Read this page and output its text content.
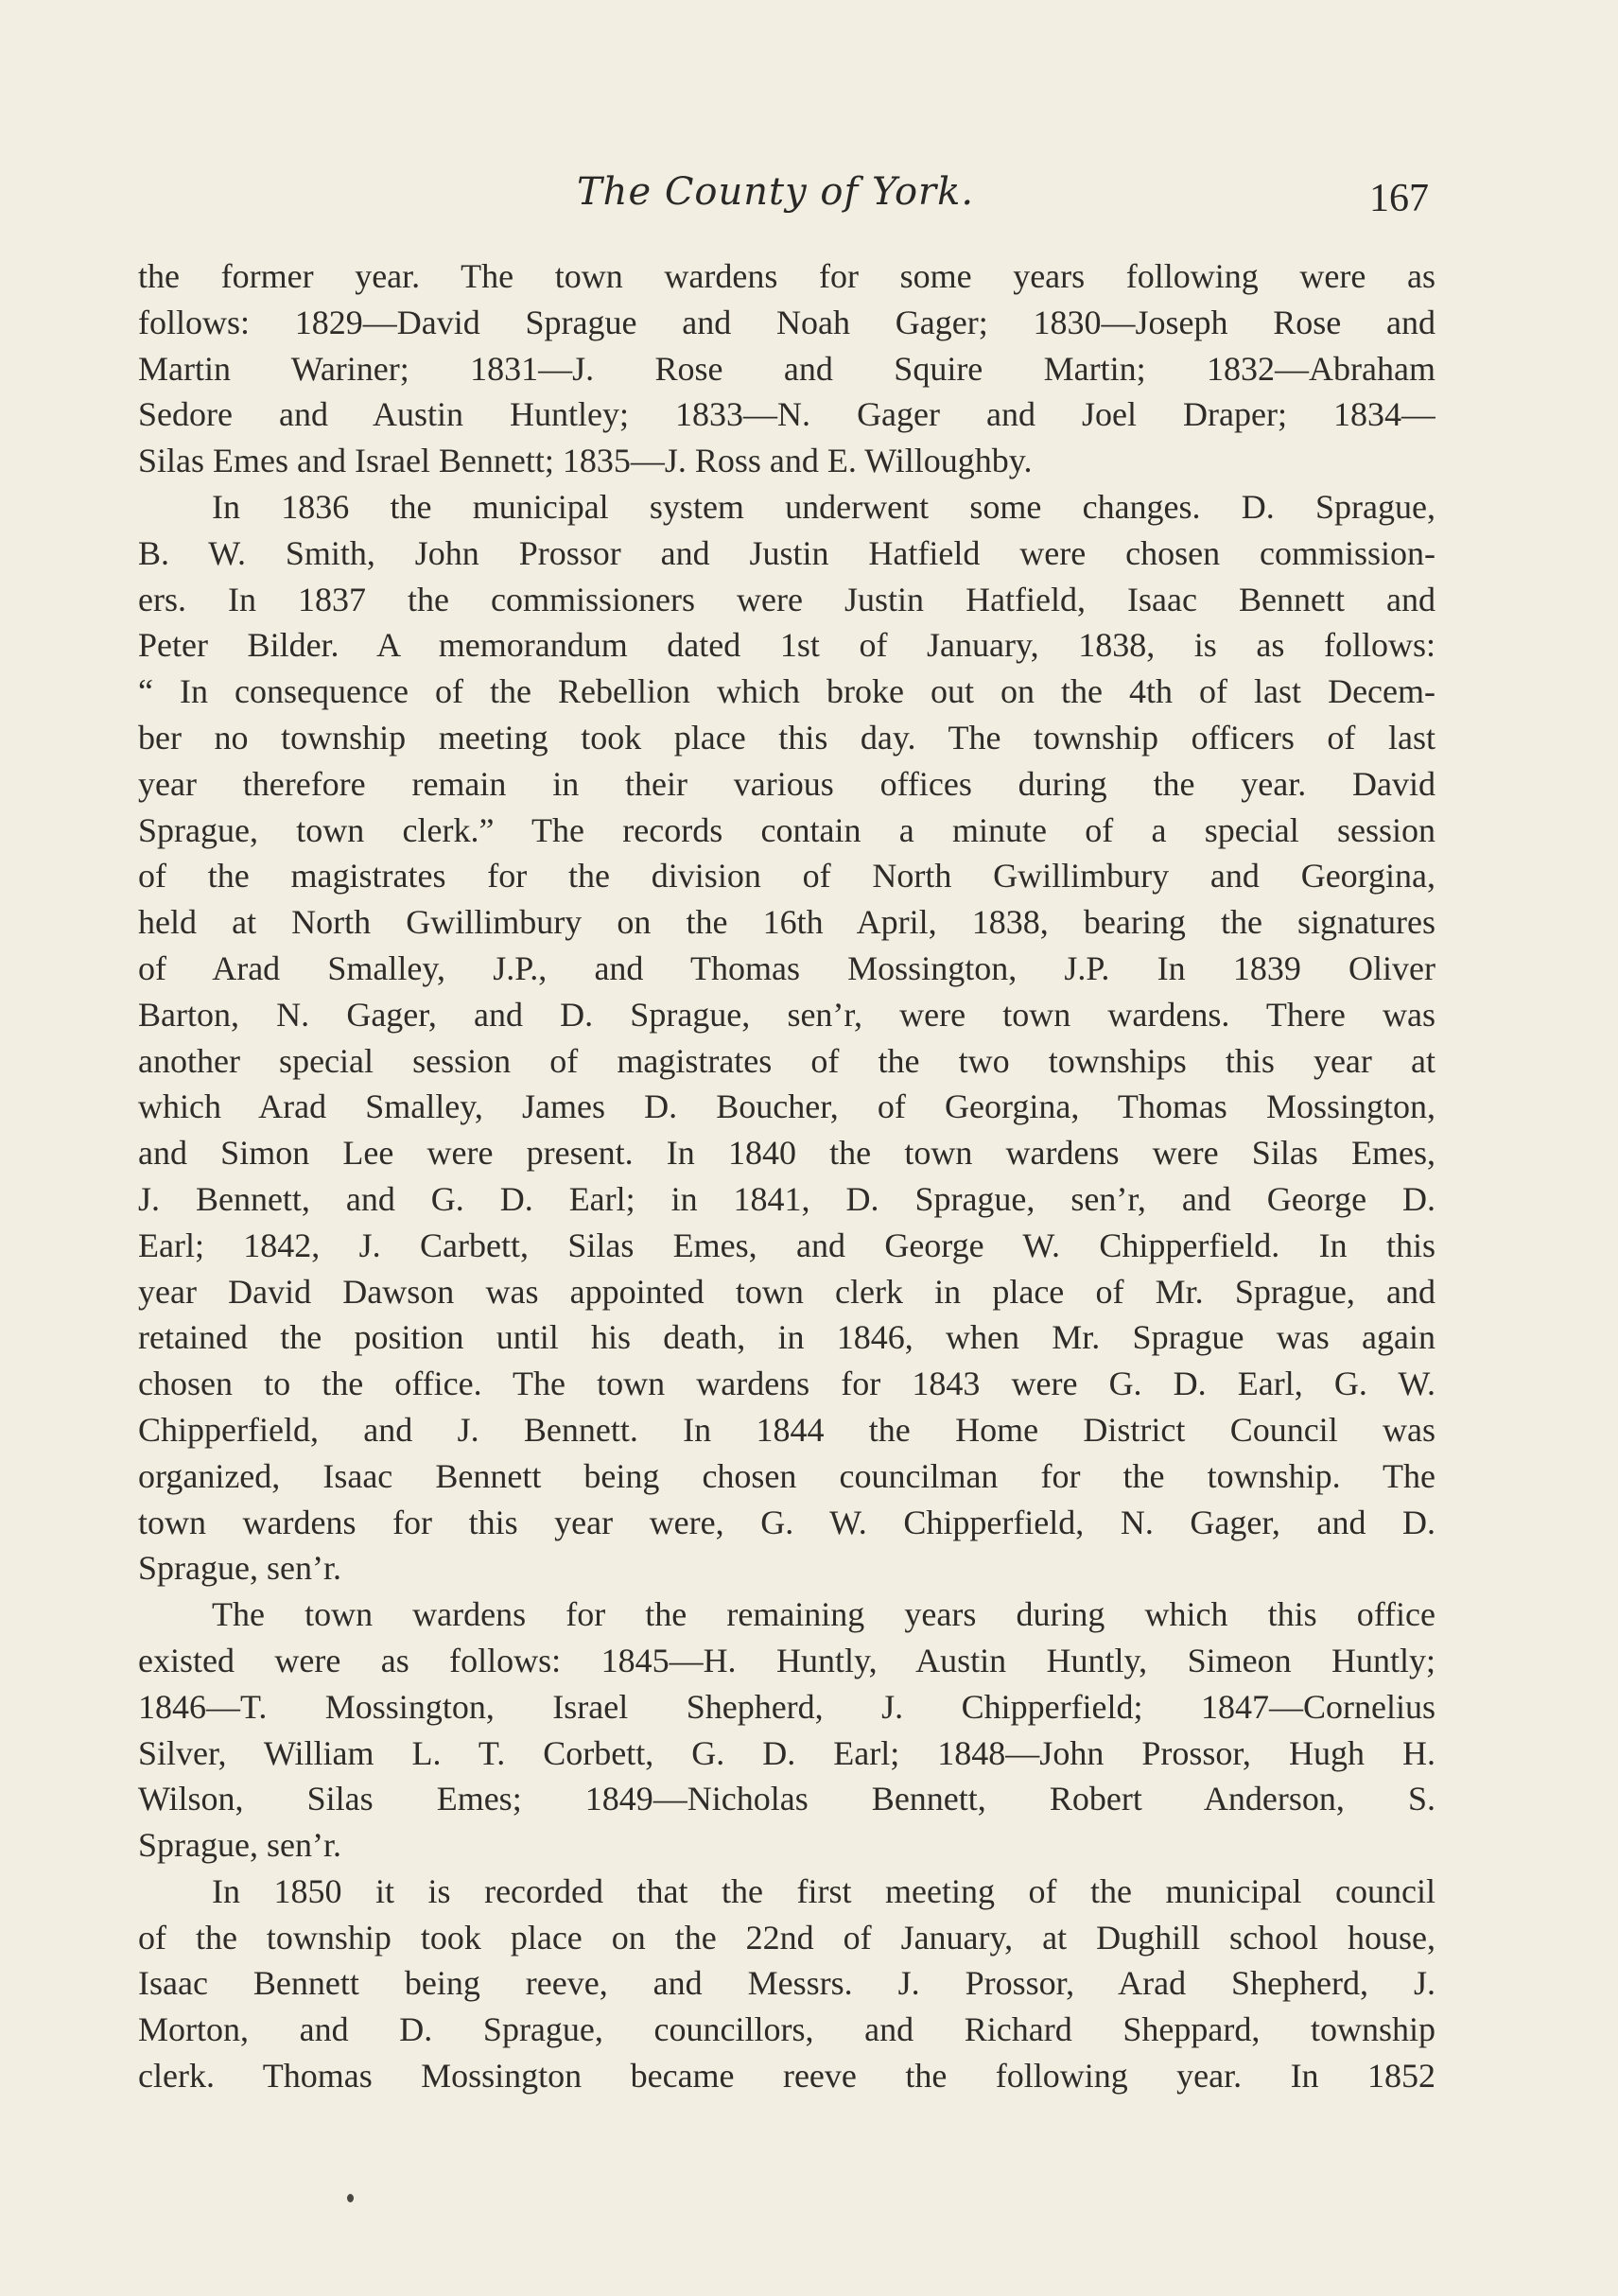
The County of York.	167
the former year. The town wardens for some years following were as
follows: 1829—David Sprague and Noah Gager; 1830—Joseph Rose and
Martin Wariner; 1831—J. Rose and Squire Martin; 1832—Abraham
Sedore and Austin Huntley; 1833—N. Gager and Joel Draper; 1834—
Silas Emes and Israel Bennett; 1835—J. Ross and E. Willoughby.
In 1836 the municipal system underwent some changes. D. Sprague,
B. W. Smith, John Prossor and Justin Hatfield were chosen commission-
ers. In 1837 the commissioners were Justin Hatfield, Isaac Bennett and
Peter Bilder. A memorandum dated 1st of January, 1838, is as follows:
“ In consequence of the Rebellion which broke out on the 4th of last Decem-
ber no township meeting took place this day. The township officers of last
year therefore remain in their various offices during the year. David
Sprague, town clerk.” The records contain a minute of a special session
of the magistrates for the division of North Gwillimbury and Georgina,
held at North Gwillimbury on the 16th April, 1838, bearing the signatures
of Arad Smalley, J.P., and Thomas Mossington, J.P. In 1839 Oliver
Barton, N. Gager, and D. Sprague, sen’r, were town wardens. There was
another special session of magistrates of the two townships this year at
which Arad Smalley, James D. Boucher, of Georgina, Thomas Mossington,
and Simon Lee were present. In 1840 the town wardens were Silas Emes,
J. Bennett, and G. D. Earl; in 1841, D. Sprague, sen’r, and George D.
Earl; 1842, J. Carbett, Silas Emes, and George W. Chipperfield. In this
year David Dawson was appointed town clerk in place of Mr. Sprague, and
retained the position until his death, in 1846, when Mr. Sprague was again
chosen to the office. The town wardens for 1843 were G. D. Earl, G. W.
Chipperfield, and J. Bennett. In 1844 the Home District Council was
organized, Isaac Bennett being chosen councilman for the township. The
town wardens for this year were, G. W. Chipperfield, N. Gager, and D.
Sprague, sen’r.
The town wardens for the remaining years during which this office
existed were as follows: 1845—H. Huntly, Austin Huntly, Simeon Huntly;
1846—T. Mossington, Israel Shepherd, J. Chipperfield; 1847—Cornelius
Silver, William L. T. Corbett, G. D. Earl; 1848—John Prossor, Hugh H.
Wilson, Silas Emes; 1849—Nicholas Bennett, Robert Anderson, S.
Sprague, sen’r.
In 1850 it is recorded that the first meeting of the municipal council
of the township took place on the 22nd of January, at Dughill school house,
Isaac Bennett being reeve, and Messrs. J. Prossor, Arad Shepherd, J.
Morton, and D. Sprague, councillors, and Richard Sheppard, township
clerk. Thomas Mossington became reeve the following year. In 1852
